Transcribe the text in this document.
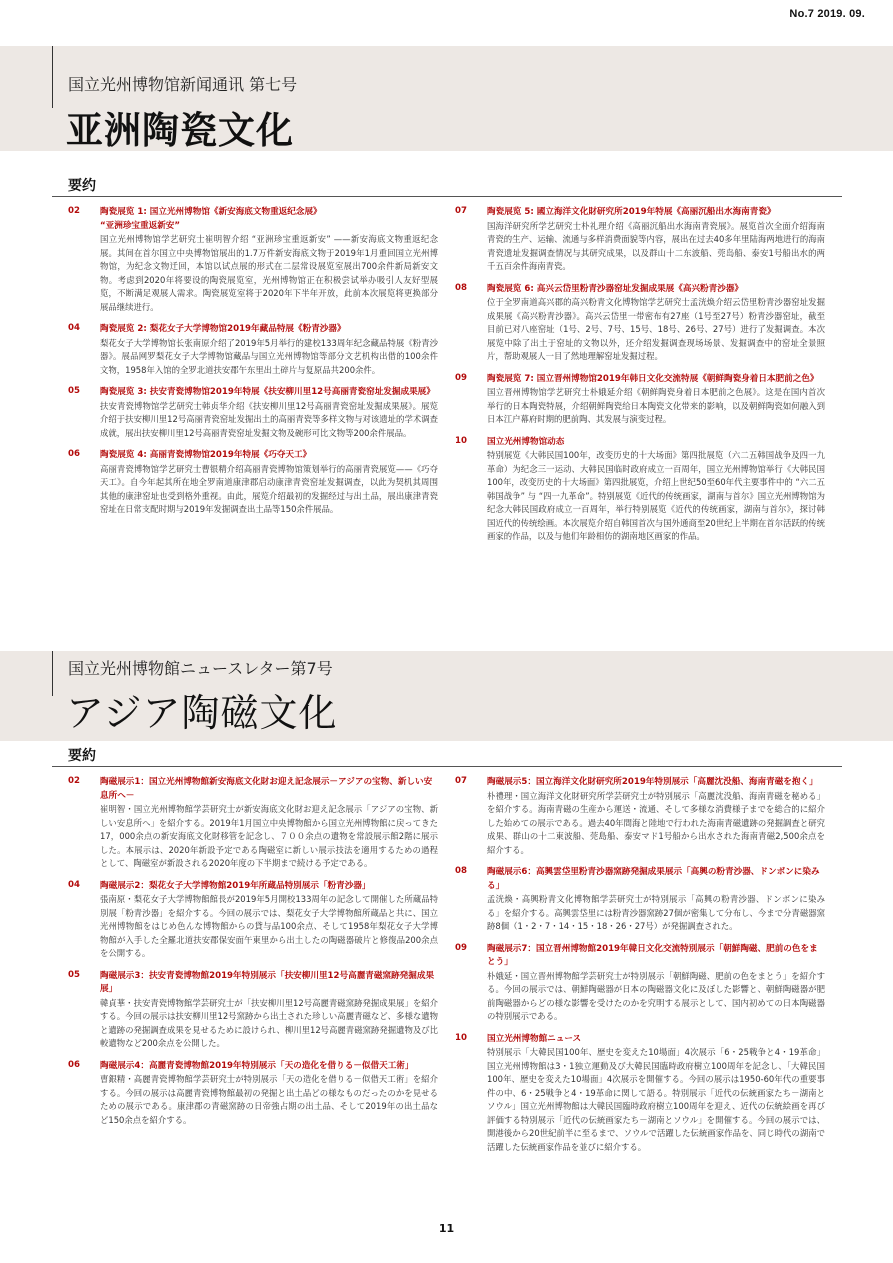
No.7 2019. 09.
国立光州博物馆新闻通讯 第七号
亚洲陶瓷文化
要约
02 陶瓷展览 1: 国立光州博物馆《新安海底文物重返纪念展》
“亚洲珍宝重返新安”
国立光州博物馆学艺研究士崔明智介绍 “亚洲珍宝重返新安” ——新安海底文物重返纪念展。其间在首尔国立中央博物馆展出的1.7万件新安海底文物于2019年1月重回国立光州博物馆，为纪念文物迁回，本馆以试点展的形式在二层常设展览室展出700余件新局新安文物。考虑到2020年将要设的陶瓷展览室，光州博物馆正在积极尝试举办吸引人友好型展览，不断满足观展人需求。陶瓷展览室将于2020年下半年开放，此前本次展览将更换部分展品继续进行。
04 陶瓷展览 2: 梨花女子大学博物馆2019年藏品特展《粉青沙器》
梨花女子大学博物馆长张南原介绍了2019年5月举行的建校133周年纪念藏品特展《粉青沙器》。展品网罗梨花女子大学博物馆藏品与国立光州博物馆等部分文艺机构出借的100余件文物，1958年入馆的全罗北道扶安郡午东里出土碎片与复原品共200余件。
05 陶瓷展览 3: 扶安青瓷博物馆2019年特展《扶安柳川里12号高丽青瓷窑址发掘成果展》
扶安青瓷博物馆学艺研究士韩贞华介绍《扶安柳川里12号高丽青瓷窑址发掘成果展》。展览介绍于扶安柳川里12号高丽青瓷窑址发掘出土的高丽青瓷等多样文物与对该遗址的学术调查成就，展出扶安柳川里12号高丽青瓷窑址发掘文物及碗形可比文物等200余件展品。
06 陶瓷展览 4: 高丽青瓷博物馆2019年特展《巧夺天工》
高丽青瓷博物馆学艺研究士曹银精介绍高丽青瓷博物馆策划举行的高丽青瓷展览——《巧夺天工》。自今年起其所在地全罗南道康津郡启动康津青瓷窑址发掘调查，以此为契机其周围其他的康津窑址也受到格外重视。由此，展览介绍最初的发掘经过与出土品，展出康津青瓷窑址在日常支配时期与2019年发掘调查出土品等150余件展品。
07 陶瓷展览 5: 國立海洋文化財研究所2019年特展《高丽沉船出水海南青瓷》
国海洋研究所学艺研究士朴礼理介绍《高丽沉船出水海南青瓷展》。展览首次全面介绍海南青瓷的生产、运输、流通与多样消费面貌等内容，展出在过去40多年里陆海两地进行的海南青瓷遗址发掘调查情况与其研究成果，以及群山十二东波船、莞岛船、泰安1号船出水的两千五百余件海南青瓷。
08 陶瓷展览 6: 高兴云岱里粉青沙器窑址发掘成果展《高兴粉青沙器》
位于全罗南道高兴郡的高兴粉青文化博物馆学艺研究士孟洸焕介绍云岱里粉青沙器窑址发掘成果展《高兴粉青沙器》。高兴云岱里一带密布有27座（1号至27号）粉青沙器窑址，截至目前已对八座窑址（1号、2号、7号、15号、18号、26号、27号）进行了发掘调查。本次展览中除了出土于窑址的文物以外，还介绍发掘调查现场场景、发掘调查中的窑址全景照片，帮助观展人一目了然地理解窑址发掘过程。
09 陶瓷展览 7: 国立晋州博物馆2019年韩日文化交流特展《朝鲜陶瓷身着日本肥前之色》
国立晋州博物馆学艺研究士朴娥延介绍《朝鲜陶瓷身着日本肥前之色展》。这是在国内首次举行的日本陶瓷特展，介绍朝鲜陶瓷给日本陶瓷文化带来的影响，以及朝鲜陶瓷如何融入到日本江户幕府时期的肥前陶、其发展与演变过程。
10 国立光州博物馆动态
特别展览《大韩民国100年，改变历史的十大场面》第四批展览（六二五韩国战争及四一九革命）为纪念三一运动、大韩民国临时政府成立一百周年，国立光州博物馆举行《大韩民国100年，改变历史的十大场面》第四批展览，介绍上世纪50至60年代主要事件中的 “六二五韩国战争” 与 “四一九革命”。特别展览《近代的传统画家，湖南与首尔》国立光州博物馆为纪念大韩民国政府成立一百周年，举行特别展览《近代的传统画家，湖南与首尔》，探讨韩国近代的传统绘画。本次展览介绍自韩国首次与国外通商至20世纪上半期在首尔活跃的传统画家的作品，以及与他们年龄相仿的湖南地区画家的作品。
国立光州博物館ニュースレター第7号
アジア陶磁文化
要約
02 陶磁展示1：国立光州博物館新安海底文化財お迎え記念展示－アジアの宝物、新しい安息所へ－
崔明智・国立光州博物館学芸研究士が新安海底文化財お迎え記念展示「アジアの宝物、新しい安息所へ」を紹介する。2019年1月国立中央博物館から国立光州博物館に戻ってきた17，000余点の新安海底文化財移管を記念し、７００余点の遺物を常設展示館2階に展示した。本展示は、2020年新設予定である陶磁室に新しい展示技法を適用するための過程として、陶磁室が新設される2020年度の下半期まで続ける予定である。
04 陶磁展示2：梨花女子大学博物館2019年所蔵品特別展示「粉青沙器」
張南原・梨花女子大学博物館館長が2019年5月開校133周年の記念して開催した所蔵品特別展「粉青沙器」を紹介する。今回の展示では、梨花女子大学博物館所蔵品と共に、国立光州博物館をはじめ色んな博物館からの貸与品100余点、そして1958年梨花女子大学博物館が入手した全羅北道扶安郡保安面午東里から出土したの陶磁器破片と修復品200余点を公開する。
05 陶磁展示3：扶安青瓷博物館2019年特別展示「扶安柳川里12号高麗青磁窯跡発掘成果展」
韓貞華・扶安青瓷博物館学芸研究士が「扶安柳川里12号高麗青磁窯跡発掘成果展」を紹介する。今回の展示は扶安柳川里12号窯跡から出土された珍しい高麗青磁など、多様な遺物と遺跡の発掘調査成果を見せるために設けられ、柳川里12号高麗青磁窯跡発掘遺物及び比較遺物など200余点を公開した。
06 陶磁展示4：高麗青瓷博物館2019年特別展示「天の造化を借りる－似借天工術」
曺銀精・高麗青瓷博物館学芸研究士が特別展示「天の造化を借りる－似借天工術」を紹介する。今回の展示は高麗青瓷博物館最初の発掘と出土品どの様なものだったのかを見せるための展示である。康津郡の青磁窯跡の日帝強占期の出土品、そして2019年の出土品など150余点を紹介する。
07 陶磁展示5：国立海洋文化財研究所2019年特別展示「高麗沈没船、海南青磁を抱く」
朴禮理・国立海洋文化財研究所学芸研究士が特別展示「高麗沈没船、海南青磁を秘める」を紹介する。海南青磁の生産から運送・流通、そして多様な消費様子までを総合的に紹介した始めての展示である。過去40年間海と陸地で行われた海南青磁遺跡の発掘調査と研究成果、群山の十二東波船、莞島船、泰安マド1号船から出水された海南青磁2,500余点を紹介する。
08 陶磁展示6：高興雲垈里粉青沙器窯跡発掘成果展示「高興の粉青沙器、ドンボンに染みる」
孟洸煥・高興粉青文化博物館学芸研究士が特別展示「高興の粉青沙器、ドンボンに染みる」を紹介する。高興雲垈里には粉青沙器窯跡27個が密集して分布し、今まで分青磁器窯跡8個（1・2・7・14・15・18・26・27号）が発掘調査された。
09 陶磁展示7：国立晋州博物館2019年韓日文化交流特別展示「朝鮮陶磁、肥前の色をまとう」
朴娥延・国立晋州博物館学芸研究士が特別展示「朝鮮陶磁、肥前の色をまとう」を紹介する。今回の展示では、朝鮮陶磁器が日本の陶磁器文化に及ぼした影響と、朝鮮陶磁器が肥前陶磁器からどの様な影響を受けたのかを究明する展示として、国内初めての日本陶磁器の特別展示である。
10 国立光州博物館ニュース
特別展示「大韓民国100年、歴史を変えた10場面」4次展示「6・25戦争と4・19革命」国立光州博物館は3・1独立運動及び大韓民国臨時政府樹立100周年を記念し、「大韓民国100年、歴史を変えた10場面」4次展示を開催する。今回の展示は1950-60年代の重要事件の中、6・25戦争と4・19革命に関して語る。特別展示「近代の伝統画家たち－湖南とソウル」国立光州博物館は大韓民国臨時政府樹立100周年を迎え、近代の伝統絵画を再び評価する特別展示「近代の伝統画家たち－湖南とソウル」を開催する。今回の展示では、開港後から20世紀前半に至るまで、ソウルで活躍した伝統画家作品を、同じ時代の湖南で活躍した伝統画家作品を並びに紹介する。
11
